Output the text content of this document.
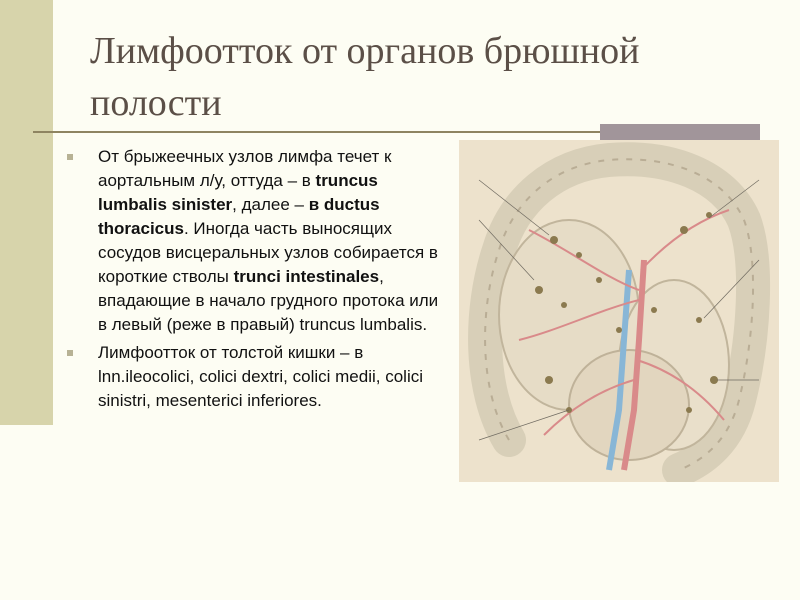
Лимфоотток от органов брюшной полости
От брыжеечных узлов лимфа течет к аортальным л/у, оттуда – в truncus lumbalis sinister, далее – в ductus thoracicus. Иногда часть выносящих сосудов висцеральных узлов собирается в короткие стволы trunci intestinales, впадающие в начало грудного протока или в левый (реже в правый) truncus lumbalis.
Лимфоотток от толстой кишки – в lnn.ileocolici, colici dextri, colici medii, colici sinistri, mesenterici inferiores.
